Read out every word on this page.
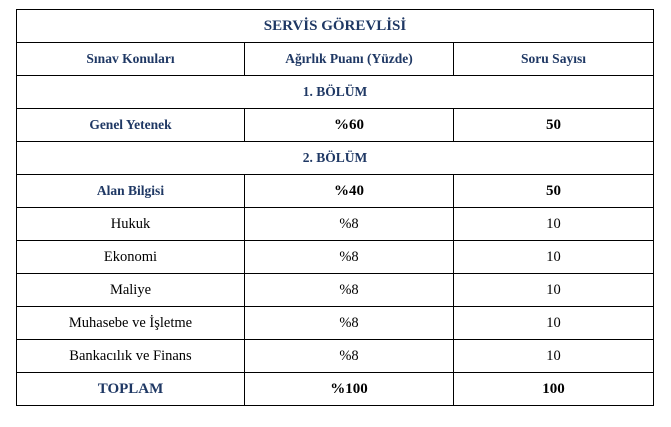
SERVİS GÖREVLİSİ		
Sınav Konuları	Ağırlık Puanı (Yüzde)	Soru Sayısı
1. BÖLÜM		
Genel Yetenek	%60	50
2. BÖLÜM		
Alan Bilgisi	%40	50
Hukuk	%8	10
Ekonomi	%8	10
Maliye	%8	10
Muhasebe ve İşletme	%8	10
Bankacılık ve Finans	%8	10
TOPLAM	%100	100
